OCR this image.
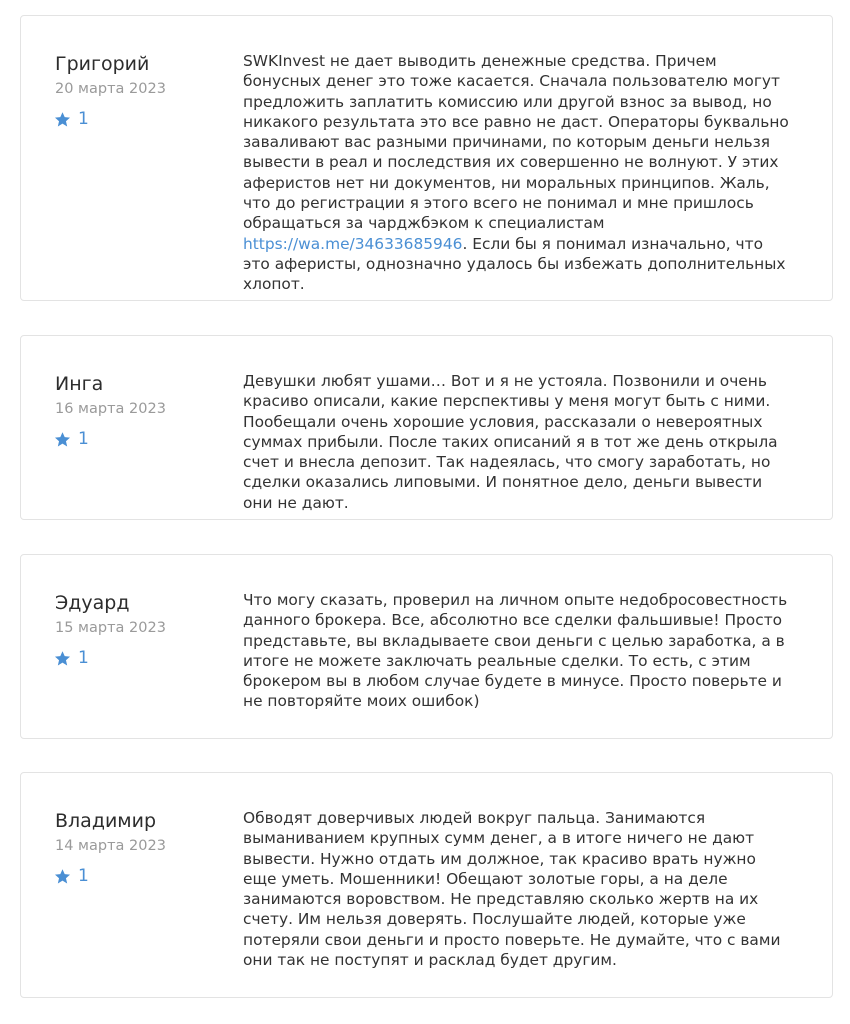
Григорий
20 марта 2023
1

SWKInvest не дает выводить денежные средства. Причем бонусных денег это тоже касается. Сначала пользователю могут предложить заплатить комиссию или другой взнос за вывод, но никакого результата это все равно не даст. Операторы буквально заваливают вас разными причинами, по которым деньги нельзя вывести в реал и последствия их совершенно не волнуют. У этих аферистов нет ни документов, ни моральных принципов. Жаль, что до регистрации я этого всего не понимал и мне пришлось обращаться за чарджбэком к специалистам https://wa.me/34633685946. Если бы я понимал изначально, что это аферисты, однозначно удалось бы избежать дополнительных хлопот.

Инга
16 марта 2023
1

Девушки любят ушами… Вот и я не устояла. Позвонили и очень красиво описали, какие перспективы у меня могут быть с ними. Пообещали очень хорошие условия, рассказали о невероятных суммах прибыли. После таких описаний я в тот же день открыла счет и внесла депозит. Так надеялась, что смогу заработать, но сделки оказались липовыми. И понятное дело, деньги вывести они не дают.

Эдуард
15 марта 2023
1

Что могу сказать, проверил на личном опыте недобросовестность данного брокера. Все, абсолютно все сделки фальшивые! Просто представьте, вы вкладываете свои деньги с целью заработка, а в итоге не можете заключать реальные сделки. То есть, с этим брокером вы в любом случае будете в минусе. Просто поверьте и не повторяйте моих ошибок)

Владимир
14 марта 2023
1

Обводят доверчивых людей вокруг пальца. Занимаются выманиванием крупных сумм денег, а в итоге ничего не дают вывести. Нужно отдать им должное, так красиво врать нужно еще уметь. Мошенники! Обещают золотые горы, а на деле занимаются воровством. Не представляю сколько жертв на их счету. Им нельзя доверять. Послушайте людей, которые уже потеряли свои деньги и просто поверьте. Не думайте, что с вами они так не поступят и расклад будет другим.
